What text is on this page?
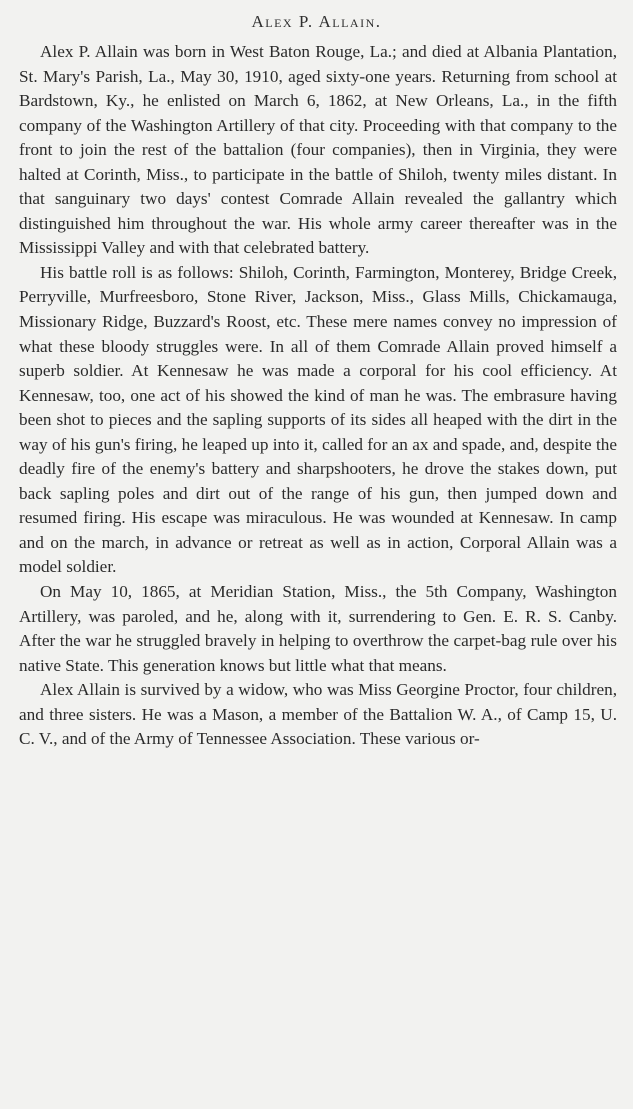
Alex P. Allain.

Alex P. Allain was born in West Baton Rouge, La.; and died at Albania Plantation, St. Mary's Parish, La., May 30, 1910, aged sixty-one years. Returning from school at Bardstown, Ky., he enlisted on March 6, 1862, at New Orleans, La., in the fifth company of the Washington Artillery of that city. Proceeding with that company to the front to join the rest of the battalion (four companies), then in Virginia, they were halted at Corinth, Miss., to participate in the battle of Shiloh, twenty miles distant. In that sanguinary two days' contest Comrade Allain revealed the gallantry which distinguished him throughout the war. His whole army career thereafter was in the Mississippi Valley and with that celebrated battery.

His battle roll is as follows: Shiloh, Corinth, Farmington, Monterey, Bridge Creek, Perryville, Murfreesboro, Stone River, Jackson, Miss., Glass Mills, Chickamauga, Missionary Ridge, Buzzard's Roost, etc. These mere names convey no impression of what these bloody struggles were. In all of them Comrade Allain proved himself a superb soldier. At Kennesaw he was made a corporal for his cool efficiency. At Kennesaw, too, one act of his showed the kind of man he was. The embrasure having been shot to pieces and the sapling supports of its sides all heaped with the dirt in the way of his gun's firing, he leaped up into it, called for an ax and spade, and, despite the deadly fire of the enemy's battery and sharpshooters, he drove the stakes down, put back sapling poles and dirt out of the range of his gun, then jumped down and resumed firing. His escape was miraculous. He was wounded at Kennesaw. In camp and on the march, in advance or retreat as well as in action, Corporal Allain was a model soldier.

On May 10, 1865, at Meridian Station, Miss., the 5th Company, Washington Artillery, was paroled, and he, along with it, surrendering to Gen. E. R. S. Canby. After the war he struggled bravely in helping to overthrow the carpet-bag rule over his native State. This generation knows but little what that means.

Alex Allain is survived by a widow, who was Miss Georgine Proctor, four children, and three sisters. He was a Mason, a member of the Battalion W. A., of Camp 15, U. C. V., and of the Army of Tennessee Association. These various or-
